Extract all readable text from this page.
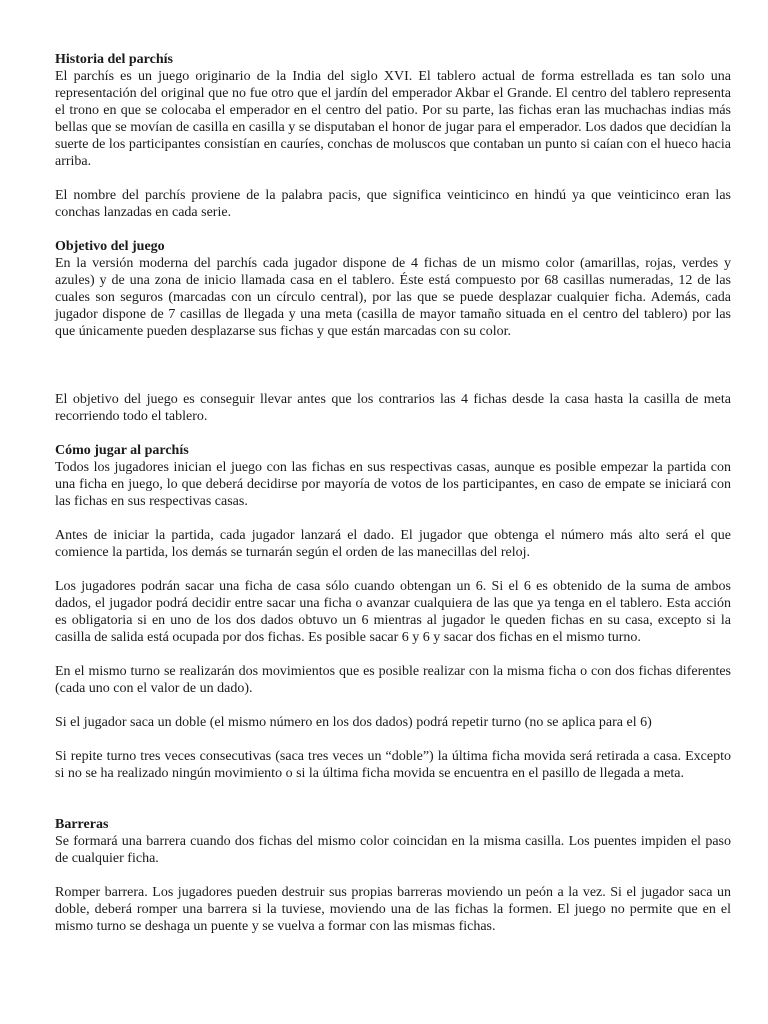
Historia del parchís

El parchís es un juego originario de la India del siglo XVI. El tablero actual de forma estrellada es tan solo una representación del original que no fue otro que el jardín del emperador Akbar el Grande. El centro del tablero representa el trono en que se colocaba el emperador en el centro del patio. Por su parte, las fichas eran las muchachas indias más bellas que se movían de casilla en casilla y se disputaban el honor de jugar para el emperador. Los dados que decidían la suerte de los participantes consistían en cauríes, conchas de moluscos que contaban un punto si caían con el hueco hacia arriba.

El nombre del parchís proviene de la palabra pacis, que significa veinticinco en hindú ya que veinticinco eran las conchas lanzadas en cada serie.

Objetivo del juego

En la versión moderna del parchís cada jugador dispone de 4 fichas de un mismo color (amarillas, rojas, verdes y azules) y de una zona de inicio llamada casa en el tablero. Éste está compuesto por 68 casillas numeradas, 12 de las cuales son seguros (marcadas con un círculo central), por las que se puede desplazar cualquier ficha. Además, cada jugador dispone de 7 casillas de llegada y una meta (casilla de mayor tamaño situada en el centro del tablero) por las que únicamente pueden desplazarse sus fichas y que están marcadas con su color.

El objetivo del juego es conseguir llevar antes que los contrarios las 4 fichas desde la casa hasta la casilla de meta recorriendo todo el tablero.

Cómo jugar al parchís

Todos los jugadores inician el juego con las fichas en sus respectivas casas, aunque es posible empezar la partida con una ficha en juego, lo que deberá decidirse por mayoría de votos de los participantes, en caso de empate se iniciará con las fichas en sus respectivas casas.

Antes de iniciar la partida, cada jugador lanzará el dado. El jugador que obtenga el número más alto será el que comience la partida, los demás se turnarán según el orden de las manecillas del reloj.

Los jugadores podrán sacar una ficha de casa sólo cuando obtengan un 6. Si el 6 es obtenido de la suma de ambos dados, el jugador podrá decidir entre sacar una ficha o avanzar cualquiera de las que ya tenga en el tablero. Esta acción es obligatoria si en uno de los dos dados obtuvo un 6 mientras al jugador le queden fichas en su casa, excepto si la casilla de salida está ocupada por dos fichas. Es posible sacar 6 y 6 y sacar dos fichas en el mismo turno.

En el mismo turno se realizarán dos movimientos que es posible realizar con la misma ficha o con dos fichas diferentes (cada uno con el valor de un dado).

Si el jugador saca un doble (el mismo número en los dos dados) podrá repetir turno (no se aplica para el 6)

Si repite turno tres veces consecutivas (saca tres veces un “doble”) la última ficha movida será retirada a casa. Excepto si no se ha realizado ningún movimiento o si la última ficha movida se encuentra en el pasillo de llegada a meta.

Barreras

Se formará una barrera cuando dos fichas del mismo color coincidan en la misma casilla. Los puentes impiden el paso de cualquier ficha.

Romper barrera. Los jugadores pueden destruir sus propias barreras moviendo un peón a la vez. Si el jugador saca un doble, deberá romper una barrera si la tuviese, moviendo una de las fichas la formen. El juego no permite que en el mismo turno se deshaga un puente y se vuelva a formar con las mismas fichas.
